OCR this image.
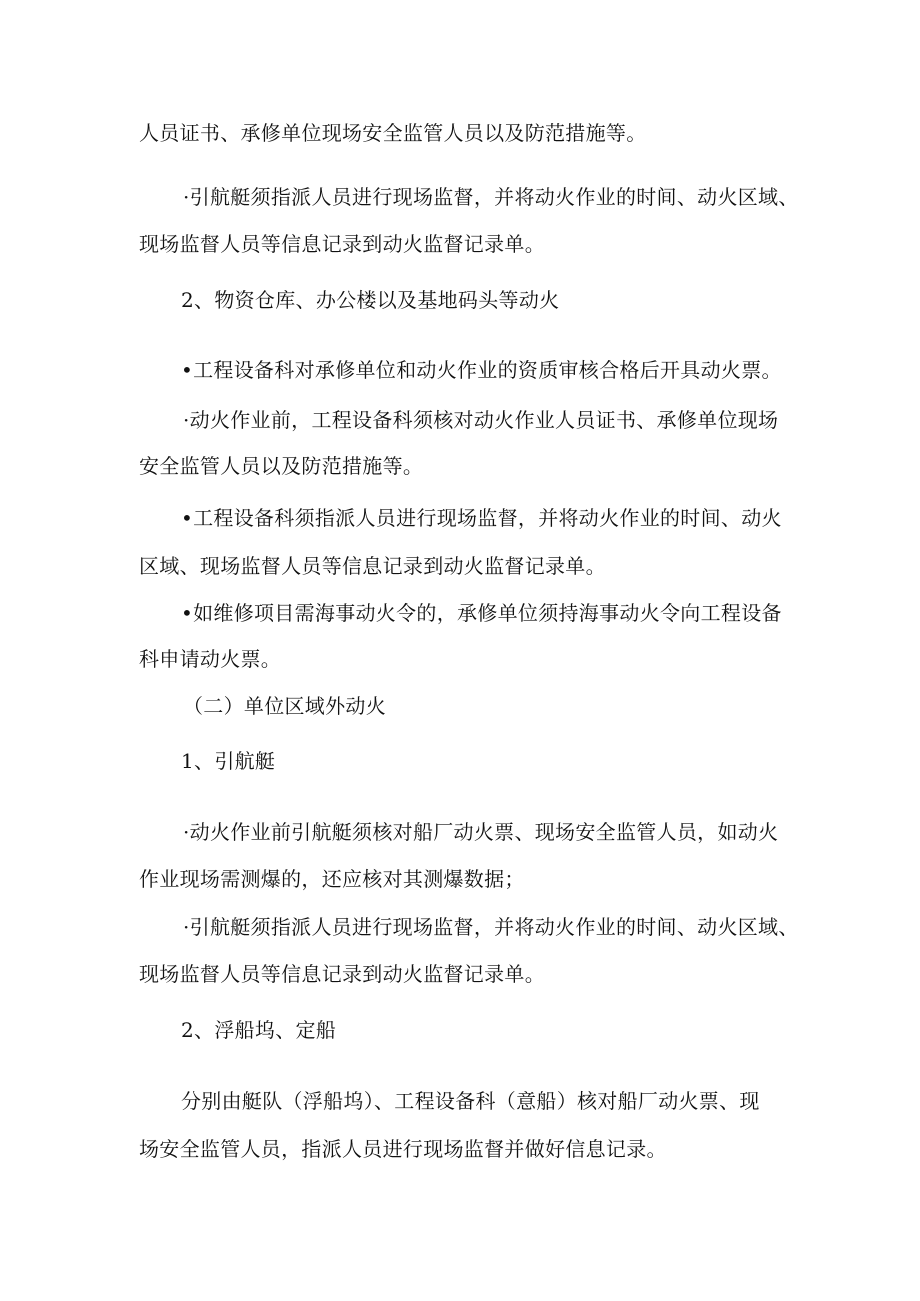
人员证书、承修单位现场安全监管人员以及防范措施等。
·引航艇须指派人员进行现场监督，并将动火作业的时间、动火区域、
现场监督人员等信息记录到动火监督记录单。
2、物资仓库、办公楼以及基地码头等动火
•工程设备科对承修单位和动火作业的资质审核合格后开具动火票。
·动火作业前，工程设备科须核对动火作业人员证书、承修单位现场
安全监管人员以及防范措施等。
•工程设备科须指派人员进行现场监督，并将动火作业的时间、动火
区域、现场监督人员等信息记录到动火监督记录单。
•如维修项目需海事动火令的，承修单位须持海事动火令向工程设备
科申请动火票。
（二）单位区域外动火
1、引航艇
·动火作业前引航艇须核对船厂动火票、现场安全监管人员，如动火
作业现场需测爆的，还应核对其测爆数据；
·引航艇须指派人员进行现场监督，并将动火作业的时间、动火区域、
现场监督人员等信息记录到动火监督记录单。
2、浮船坞、定船
分别由艇队（浮船坞）、工程设备科（意船）核对船厂动火票、现
场安全监管人员，指派人员进行现场监督并做好信息记录。
